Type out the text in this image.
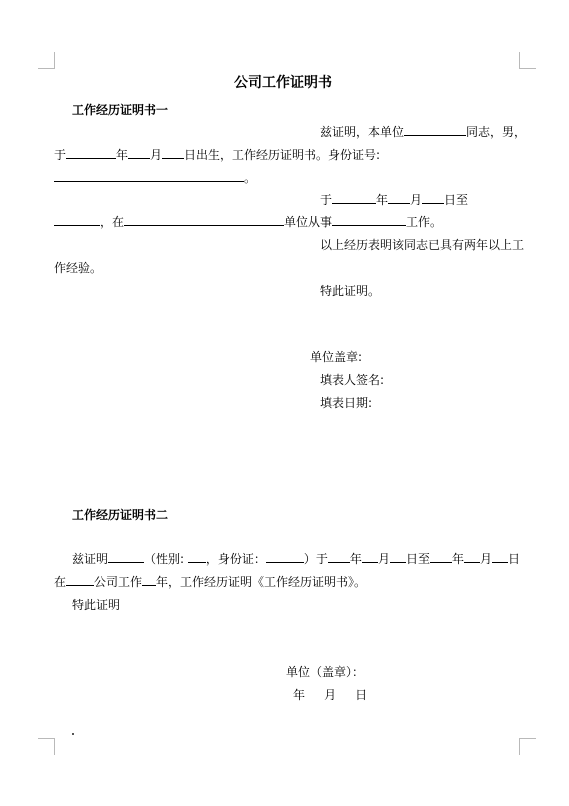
公司工作证明书
工作经历证明书一
兹证明，本单位	同志，男，
于	年 月 日出生，工作经历证明书。身份证号:
。
于	年 月 日至
，在	单位从事	工作。
以上经历表明该同志已具有两年以上工
作经验。
特此证明。
单位盖章:
填表人签名:
填表日期:
工作经历证明书二
兹证明	（性别: ，身份证：	）于 年 月 日至 年 月 日
在 公司工作 年，工作经历证明《工作经历证明书》。
特此证明
单位（盖章）：
年     月     日
